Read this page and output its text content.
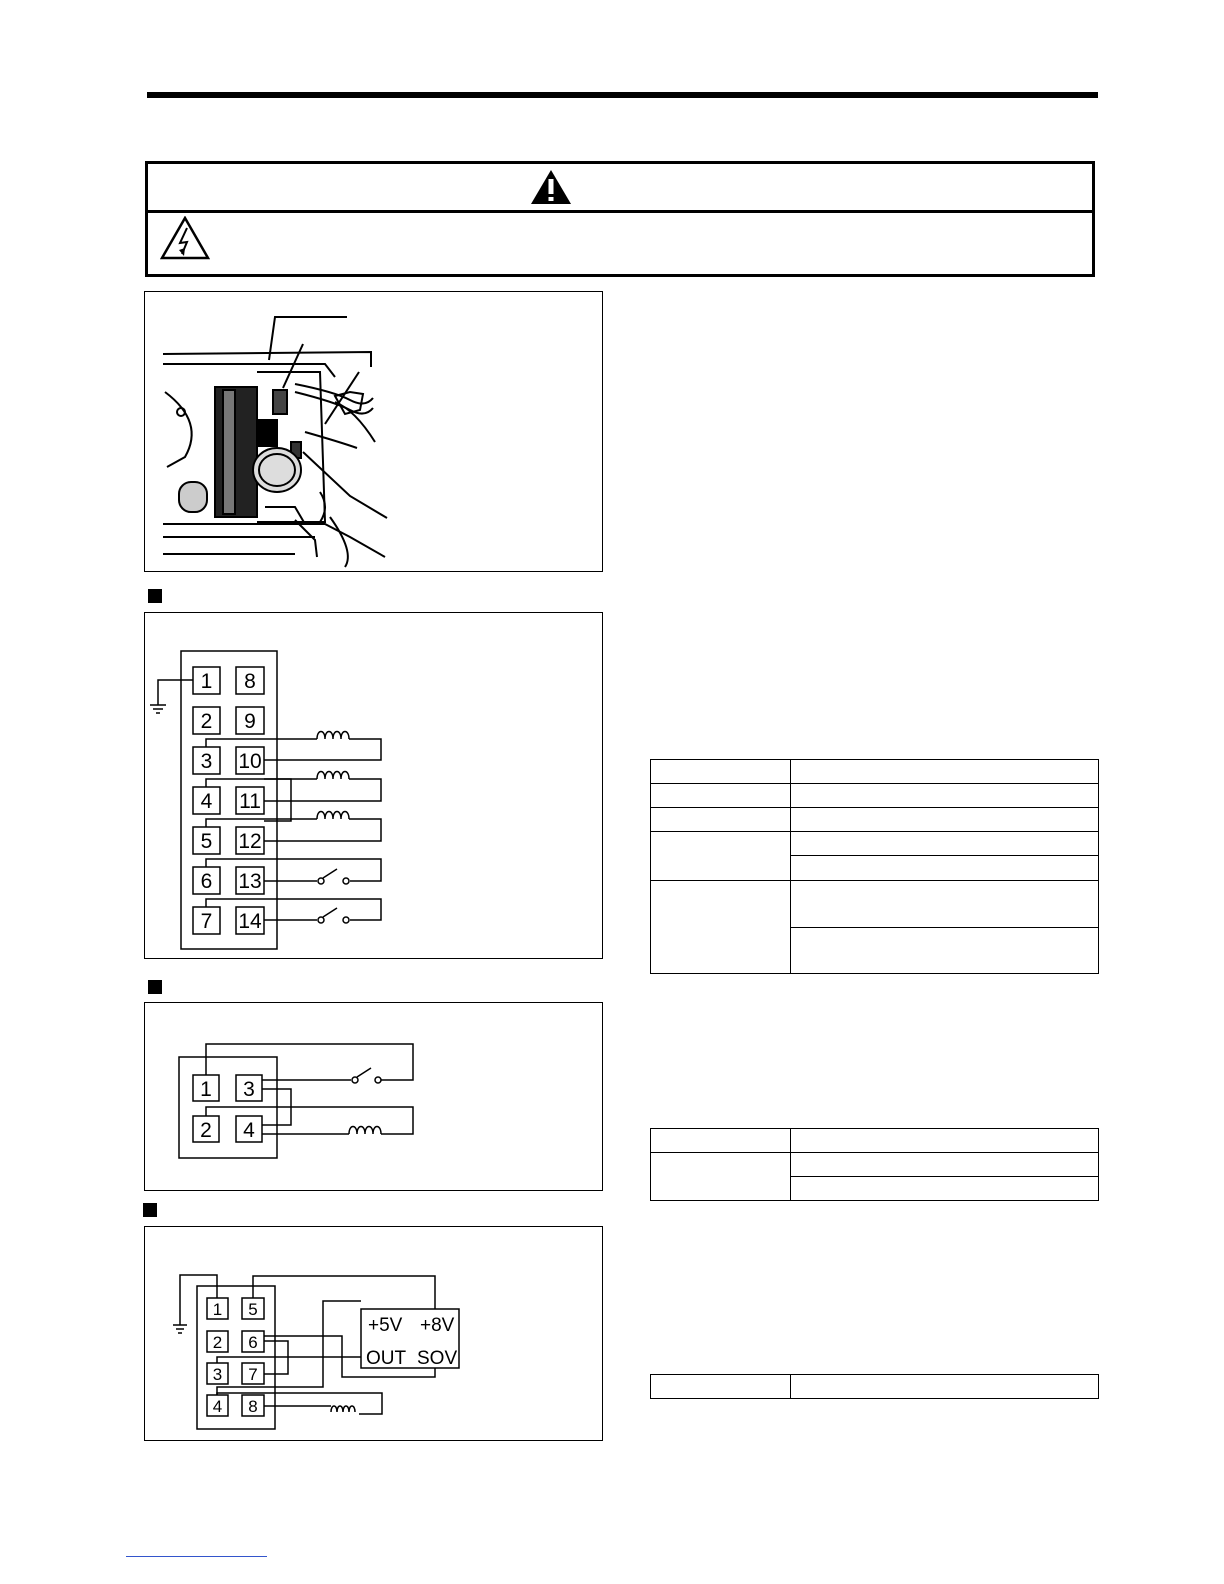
1
2
3
4
5
6
7
8
9
10
11
12
13
14
1
2
3
4
1
2
3
4
5
6
7
8
+5V +8V
OUT SOV
